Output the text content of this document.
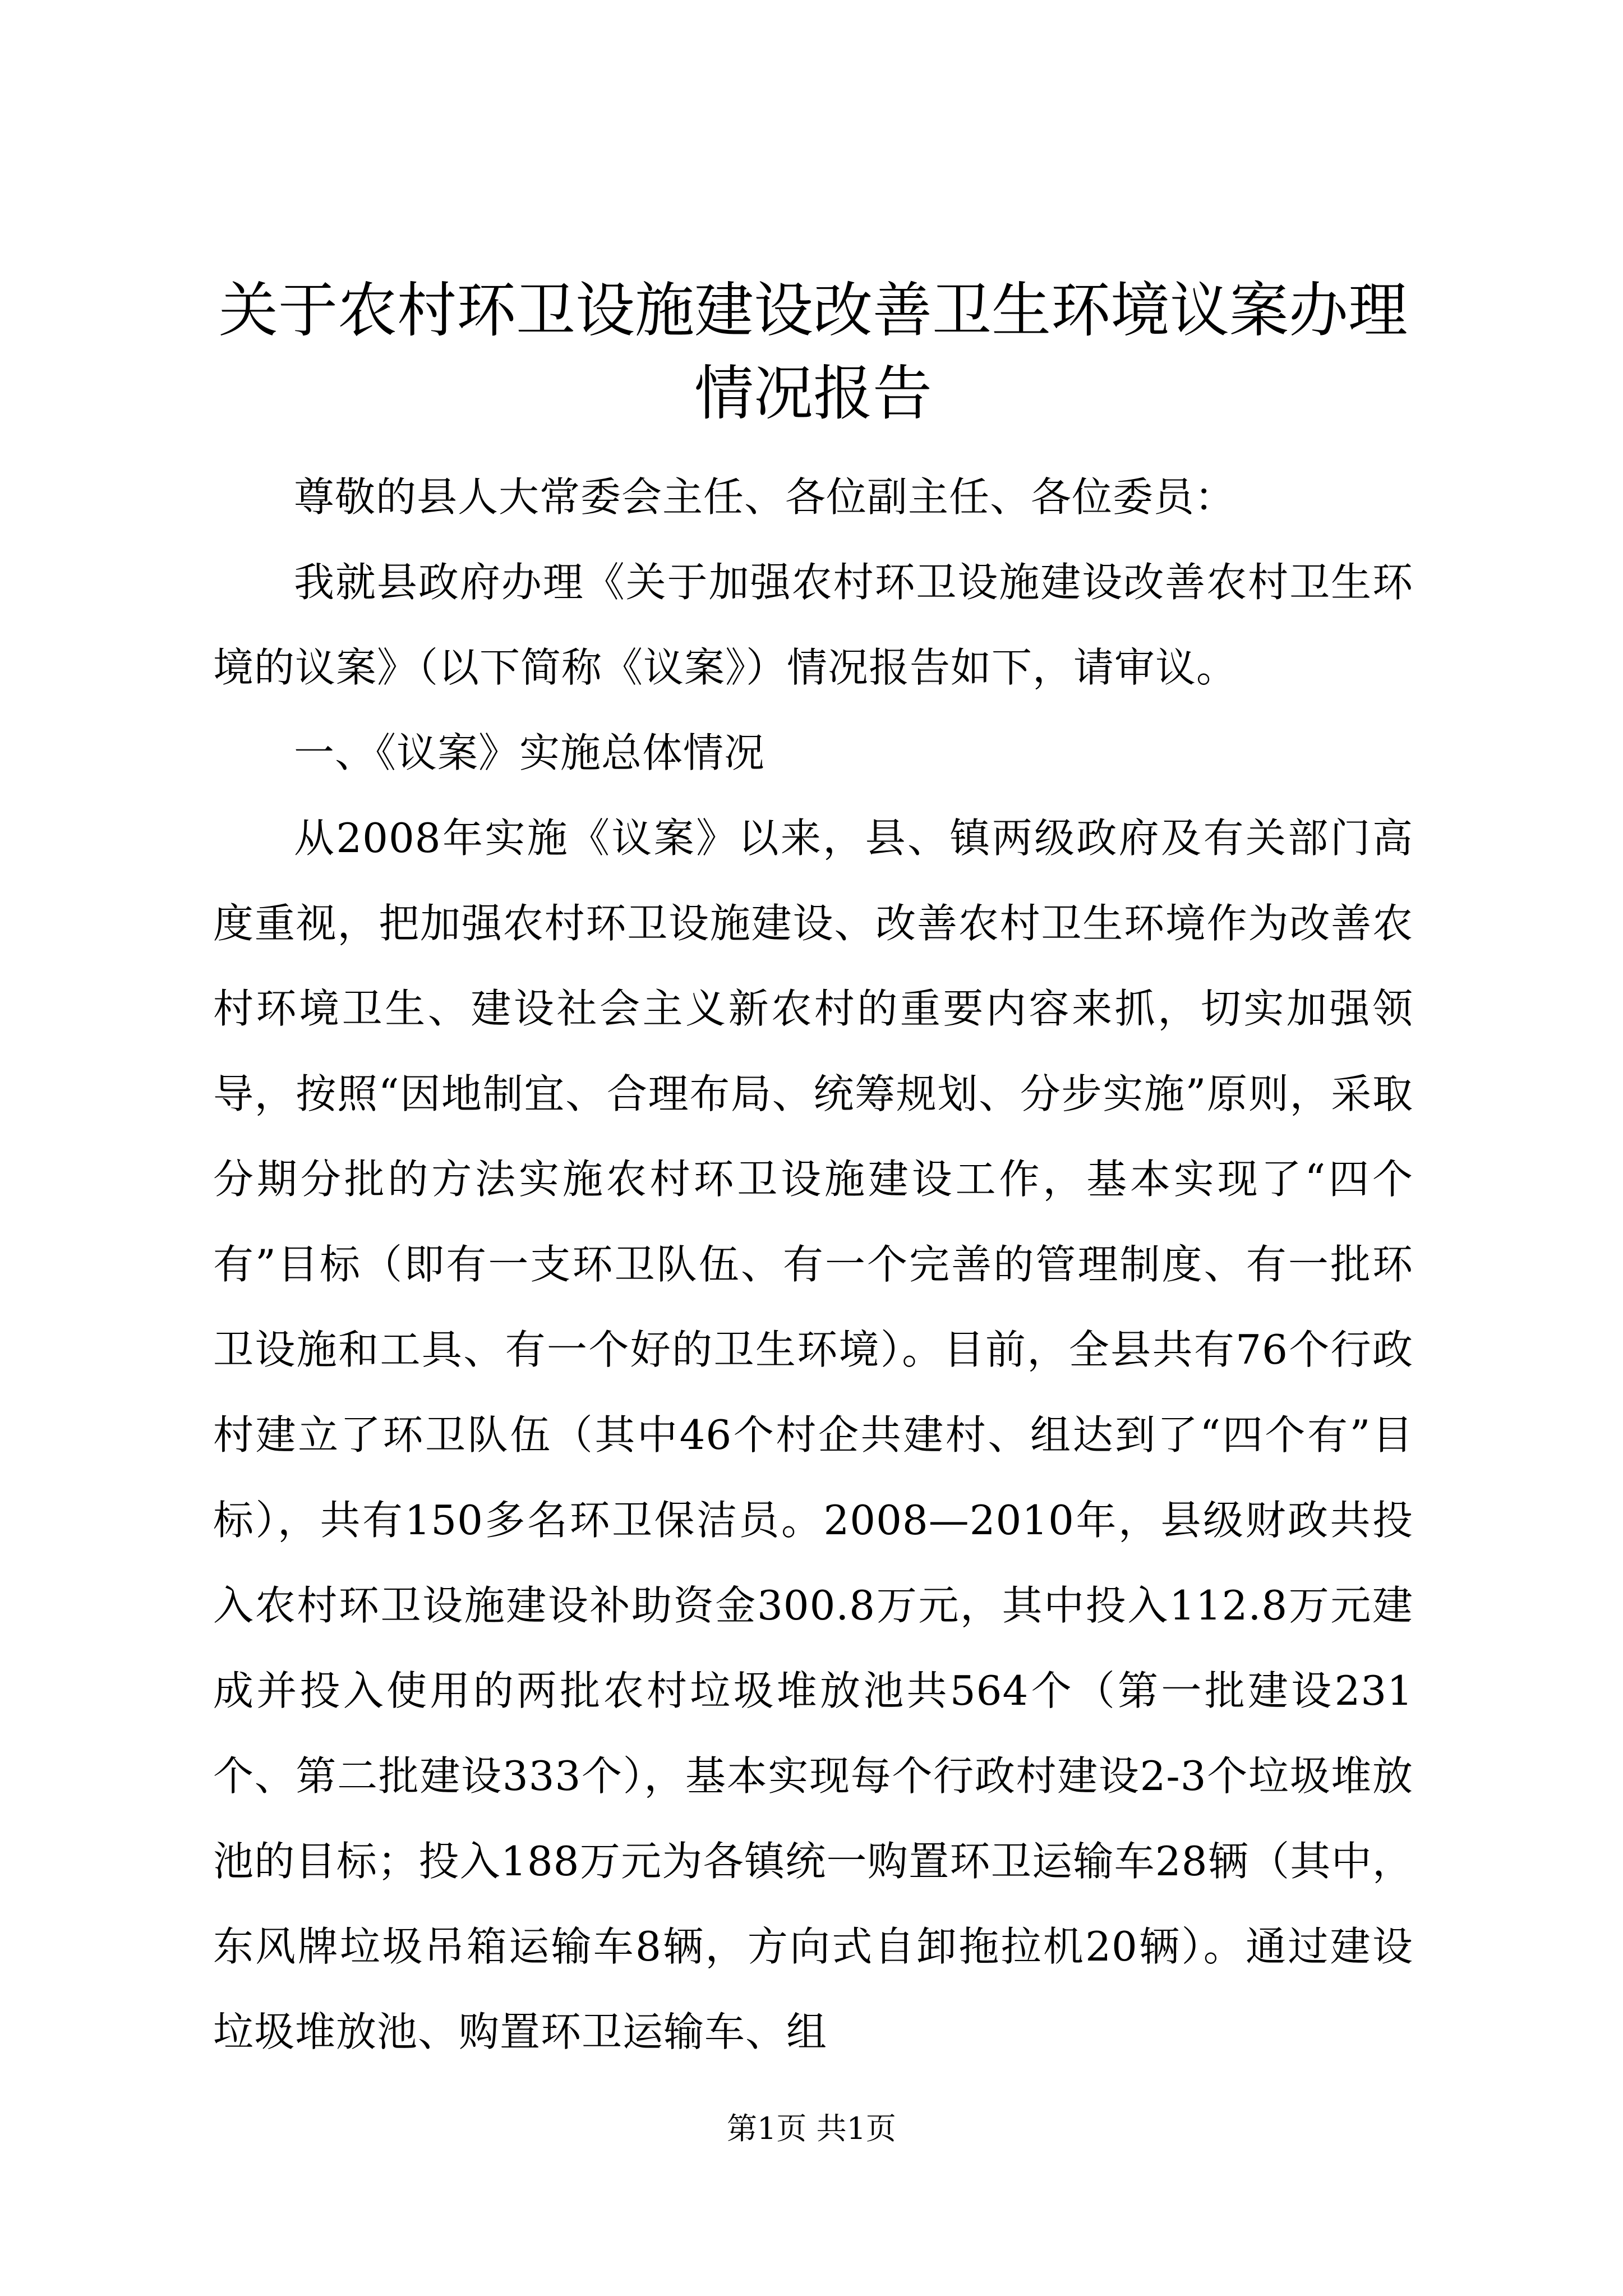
关于农村环卫设施建设改善卫生环境议案办理情况报告

尊敬的县人大常委会主任、各位副主任、各位委员：

我就县政府办理《关于加强农村环卫设施建设改善农村卫生环境的议案》（以下简称《议案》）情况报告如下，请审议。

一、《议案》实施总体情况

从2008年实施《议案》以来，县、镇两级政府及有关部门高度重视，把加强农村环卫设施建设、改善农村卫生环境作为改善农村环境卫生、建设社会主义新农村的重要内容来抓，切实加强领导，按照“因地制宜、合理布局、统筹规划、分步实施”原则，采取分期分批的方法实施农村环卫设施建设工作，基本实现了“四个有”目标（即有一支环卫队伍、有一个完善的管理制度、有一批环卫设施和工具、有一个好的卫生环境）。目前，全县共有76个行政村建立了环卫队伍（其中46个村企共建村、组达到了“四个有”目标），共有150多名环卫保洁员。2008—2010年，县级财政共投入农村环卫设施建设补助资金300.8万元，其中投入112.8万元建成并投入使用的两批农村垃圾堆放池共564个（第一批建设231个、第二批建设333个），基本实现每个行政村建设2-3个垃圾堆放池的目标；投入188万元为各镇统一购置环卫运输车28辆（其中，东风牌垃圾吊箱运输车8辆，方向式自卸拖拉机20辆）。通过建设垃圾堆放池、购置环卫运输车、组

第1页 共1页
